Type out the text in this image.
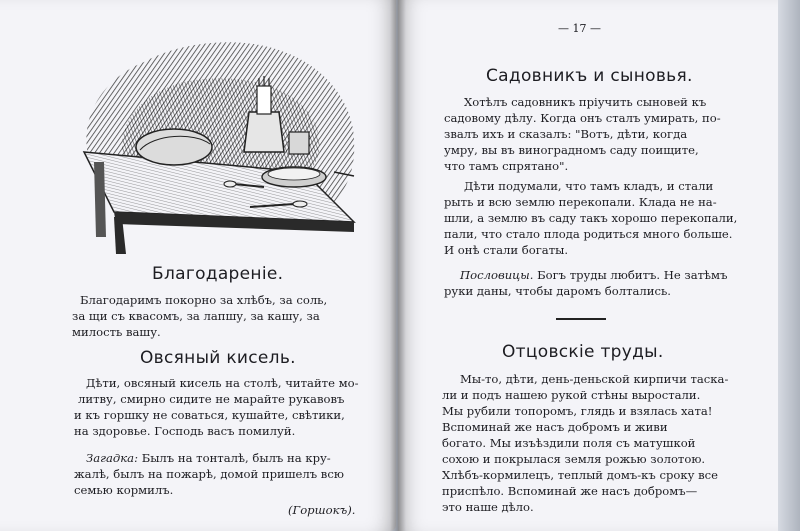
Благодареніе.

Благодаримъ покорно за хлѣбъ, за соль,

за щи съ квасомъ, за лапшу, за кашу, за

милость вашу.

Овсяный кисель.

Дѣти, овсяный кисель на столѣ, читайте мо-

литву, смирно сидите не марайте рукавовъ

и къ горшку не соваться, кушайте, свѣтики,

на здоровье. Господь васъ помилуй.

Загадка: Былъ на тонталѣ, былъ на кру-

жалѣ, былъ на пожарѣ, домой пришелъ всю

семью кормилъ.

(Горшокъ).

— 17 —
Садовникъ и сыновья.

Хотѣлъ садовникъ пріучить сыновей къ

садовому дѣлу. Когда онъ сталъ умирать, по-

звалъ ихъ и сказалъ: "Вотъ, дѣти, когда

умру, вы въ виноградномъ саду поищите,

что тамъ спрятано".

Дѣти подумали, что тамъ кладъ, и стали

рыть и всю землю перекопали. Клада не на-

шли, а землю въ саду такъ хорошо перекопали,

пали, что стало плода родиться много больше.

И онѣ стали богаты.

Пословицы. Богъ труды любитъ. Не затѣмъ

руки даны, чтобы даромъ болтались.

Отцовскіе труды.

Мы-то, дѣти, день-деньской кирпичи таска-

ли и подъ нашею рукой стѣны выростали.

Мы рубили топоромъ, глядь и взялась хата!

Вспоминай же насъ добромъ и живи

богато. Мы изъѣздили поля съ матушкой

сохою и покрылася земля рожью золотою.

Хлѣбъ-кормилецъ, теплый домъ-къ сроку все

приспѣло. Вспоминай же насъ добромъ—

это наше дѣло.
